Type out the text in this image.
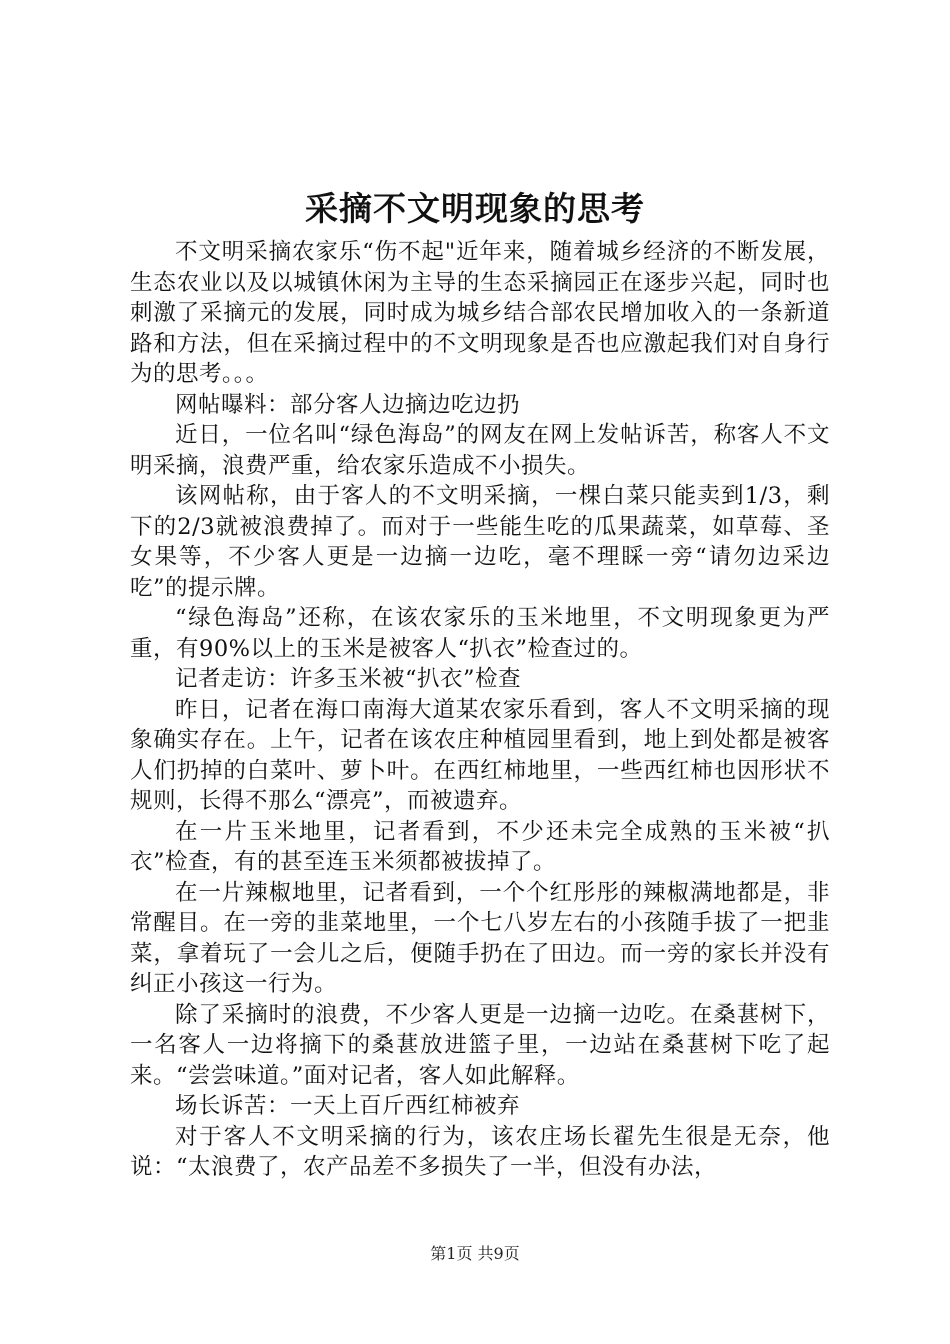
采摘不文明现象的思考

不文明采摘农家乐“伤不起"近年来，随着城乡经济的不断发展，生态农业以及以城镇休闲为主导的生态采摘园正在逐步兴起，同时也刺激了采摘元的发展，同时成为城乡结合部农民增加收入的一条新道路和方法，但在采摘过程中的不文明现象是否也应激起我们对自身行为的思考。。。

网帖曝料：部分客人边摘边吃边扔

近日，一位名叫“绿色海岛”的网友在网上发帖诉苦，称客人不文明采摘，浪费严重，给农家乐造成不小损失。

该网帖称，由于客人的不文明采摘，一棵白菜只能卖到1/3，剩下的2/3就被浪费掉了。而对于一些能生吃的瓜果蔬菜，如草莓、圣女果等，不少客人更是一边摘一边吃，毫不理睬一旁“请勿边采边吃”的提示牌。

“绿色海岛”还称，在该农家乐的玉米地里，不文明现象更为严重，有90%以上的玉米是被客人“扒衣”检查过的。

记者走访：许多玉米被“扒衣”检查

昨日，记者在海口南海大道某农家乐看到，客人不文明采摘的现象确实存在。上午，记者在该农庄种植园里看到，地上到处都是被客人们扔掉的白菜叶、萝卜叶。在西红柿地里，一些西红柿也因形状不规则，长得不那么“漂亮”，而被遗弃。

在一片玉米地里，记者看到，不少还未完全成熟的玉米被“扒衣”检查，有的甚至连玉米须都被拔掉了。

在一片辣椒地里，记者看到，一个个红彤彤的辣椒满地都是，非常醒目。在一旁的韭菜地里，一个七八岁左右的小孩随手拔了一把韭菜，拿着玩了一会儿之后，便随手扔在了田边。而一旁的家长并没有纠正小孩这一行为。

除了采摘时的浪费，不少客人更是一边摘一边吃。在桑葚树下，一名客人一边将摘下的桑葚放进篮子里，一边站在桑葚树下吃了起来。“尝尝味道。”面对记者，客人如此解释。

场长诉苦：一天上百斤西红柿被弃

对于客人不文明采摘的行为，该农庄场长翟先生很是无奈，他说：“太浪费了，农产品差不多损失了一半，但没有办法，

第1页 共9页
